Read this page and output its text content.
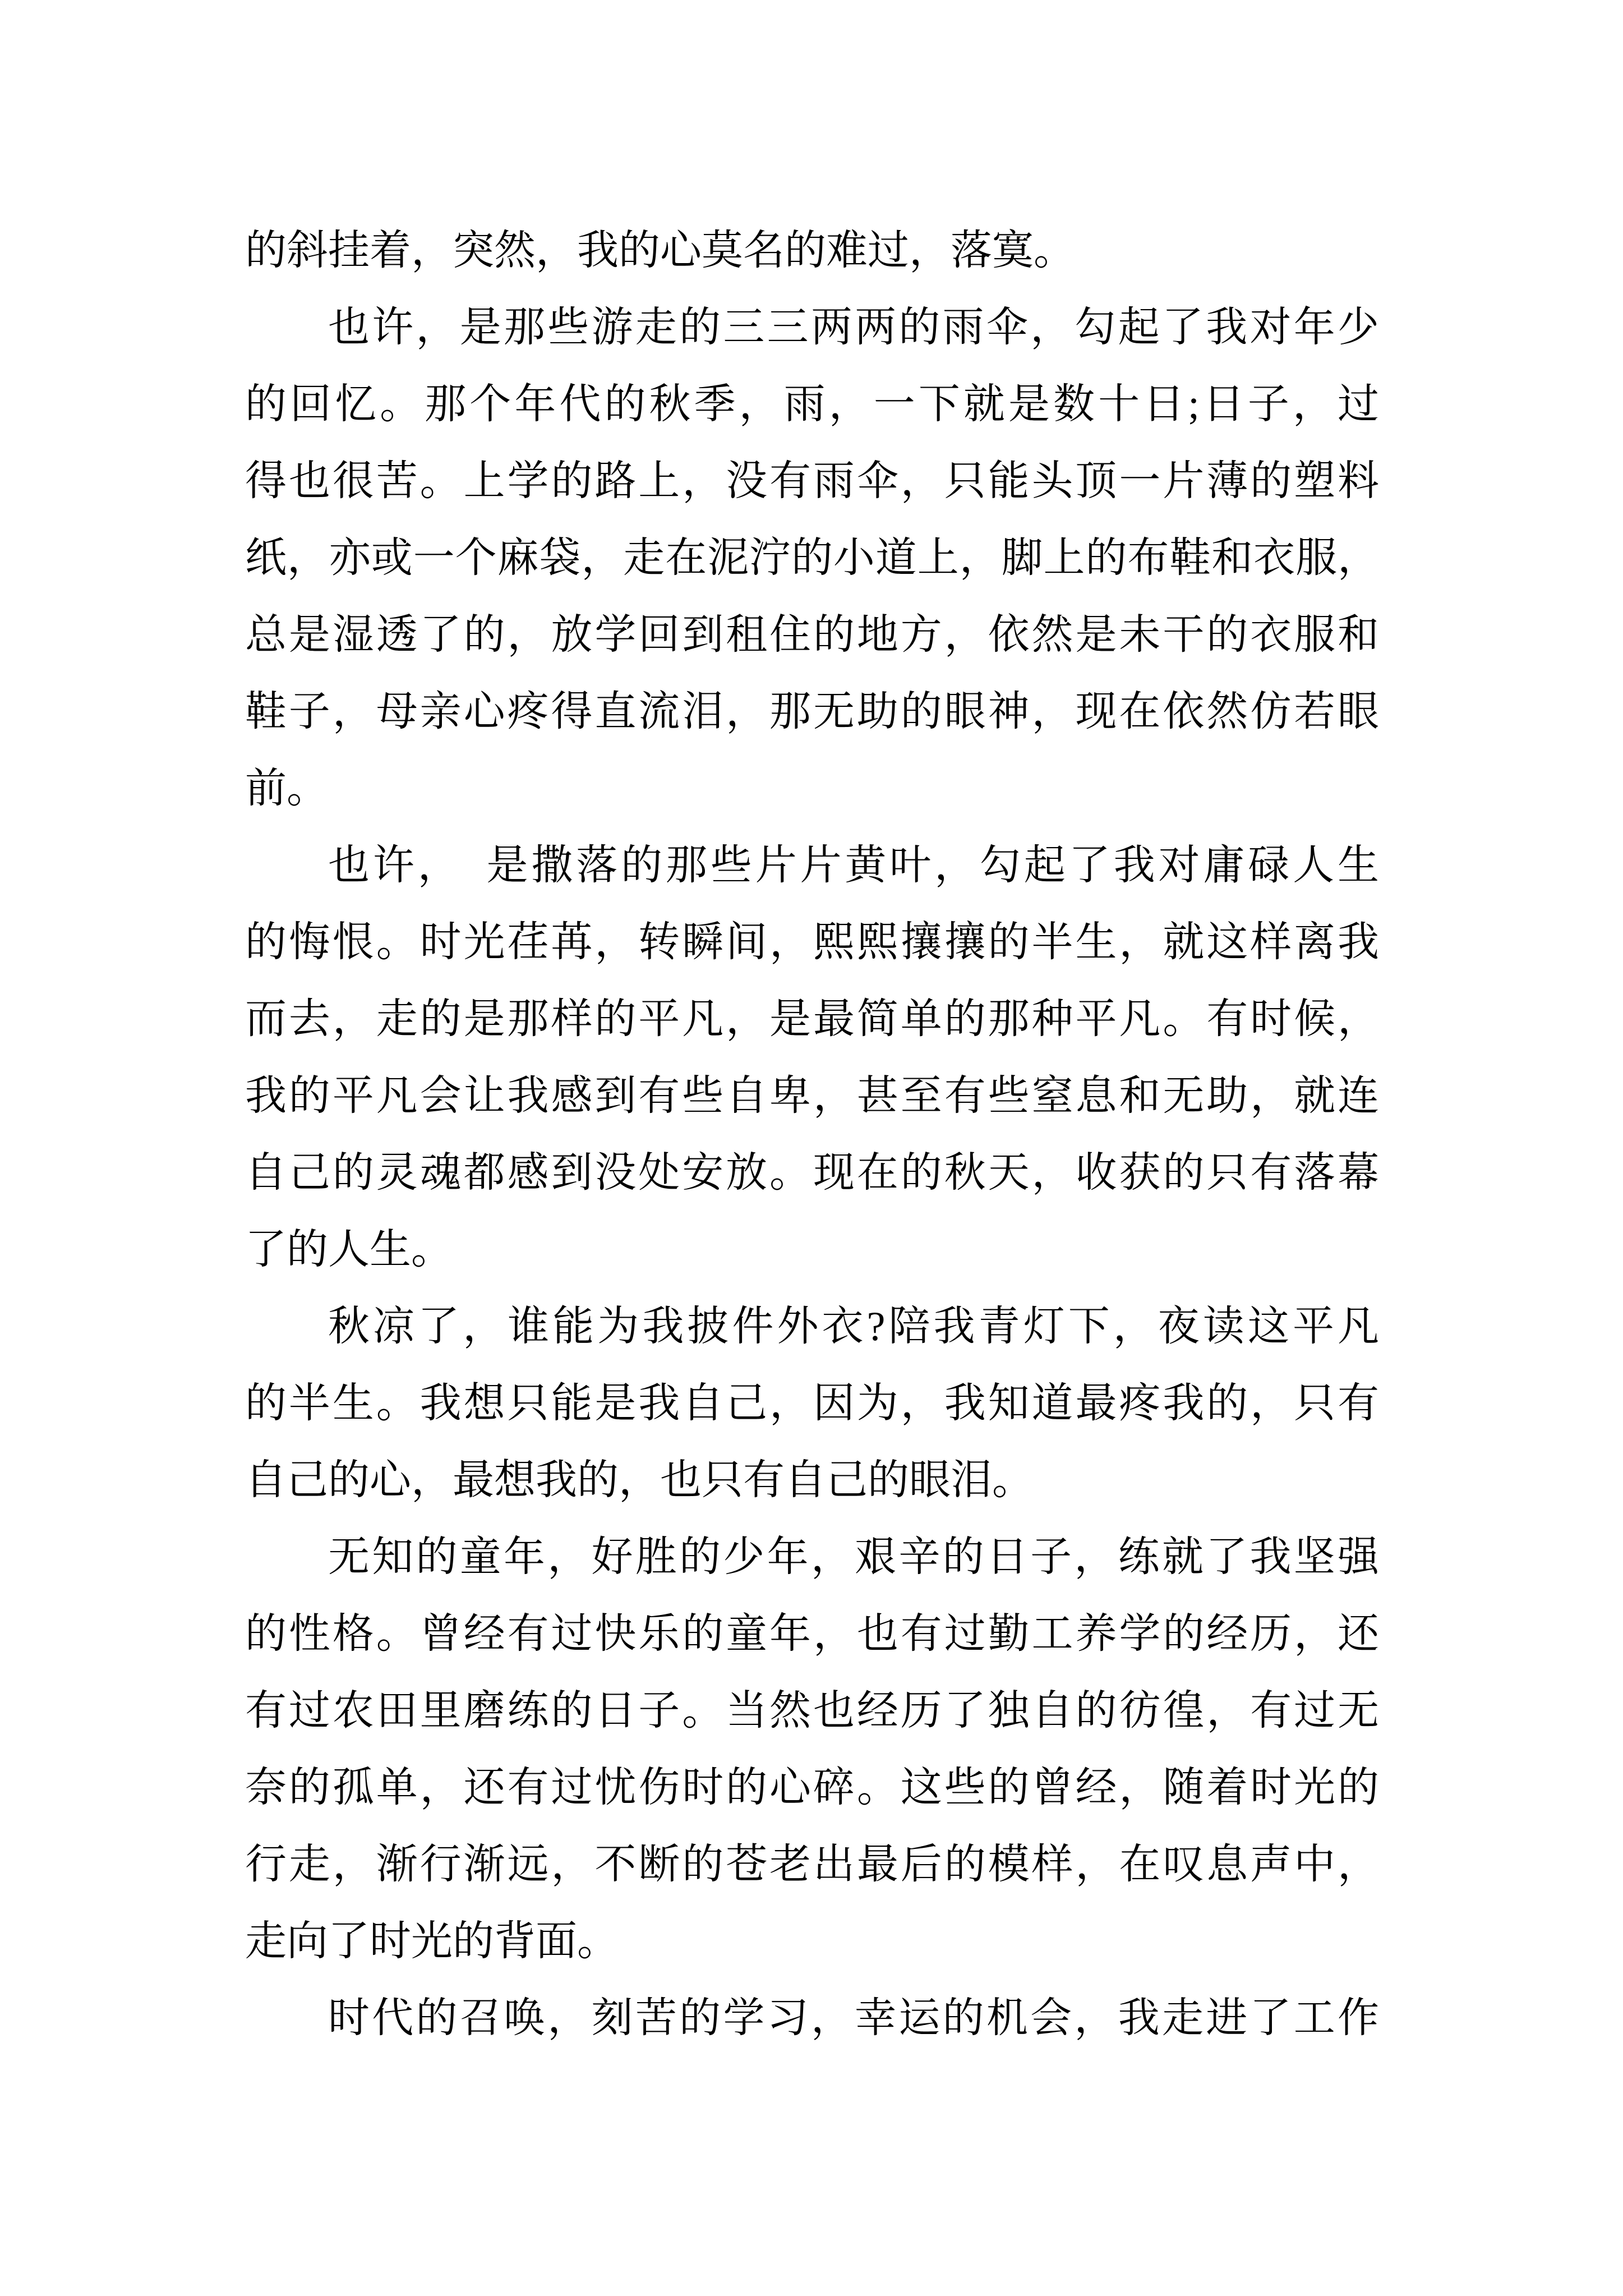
的斜挂着，突然，我的心莫名的难过，落寞。
也许，是那些游走的三三两两的雨伞，勾起了我对年少
的回忆。那个年代的秋季，雨，一下就是数十日;日子，过
得也很苦。上学的路上，没有雨伞，只能头顶一片薄的塑料
纸，亦或一个麻袋，走在泥泞的小道上，脚上的布鞋和衣服，
总是湿透了的，放学回到租住的地方，依然是未干的衣服和
鞋子，母亲心疼得直流泪，那无助的眼神，现在依然仿若眼
前。
也许，　是撒落的那些片片黄叶，勾起了我对庸碌人生
的悔恨。时光荏苒，转瞬间，熙熙攘攘的半生，就这样离我
而去，走的是那样的平凡，是最简单的那种平凡。有时候，
我的平凡会让我感到有些自卑，甚至有些窒息和无助，就连
自己的灵魂都感到没处安放。现在的秋天，收获的只有落幕
了的人生。
秋凉了，谁能为我披件外衣?陪我青灯下，夜读这平凡
的半生。我想只能是我自己，因为，我知道最疼我的，只有
自己的心，最想我的，也只有自己的眼泪。
无知的童年，好胜的少年，艰辛的日子，练就了我坚强
的性格。曾经有过快乐的童年，也有过勤工养学的经历，还
有过农田里磨练的日子。当然也经历了独自的彷徨，有过无
奈的孤单，还有过忧伤时的心碎。这些的曾经，随着时光的
行走，渐行渐远，不断的苍老出最后的模样，在叹息声中，
走向了时光的背面。
时代的召唤，刻苦的学习，幸运的机会，我走进了工作
